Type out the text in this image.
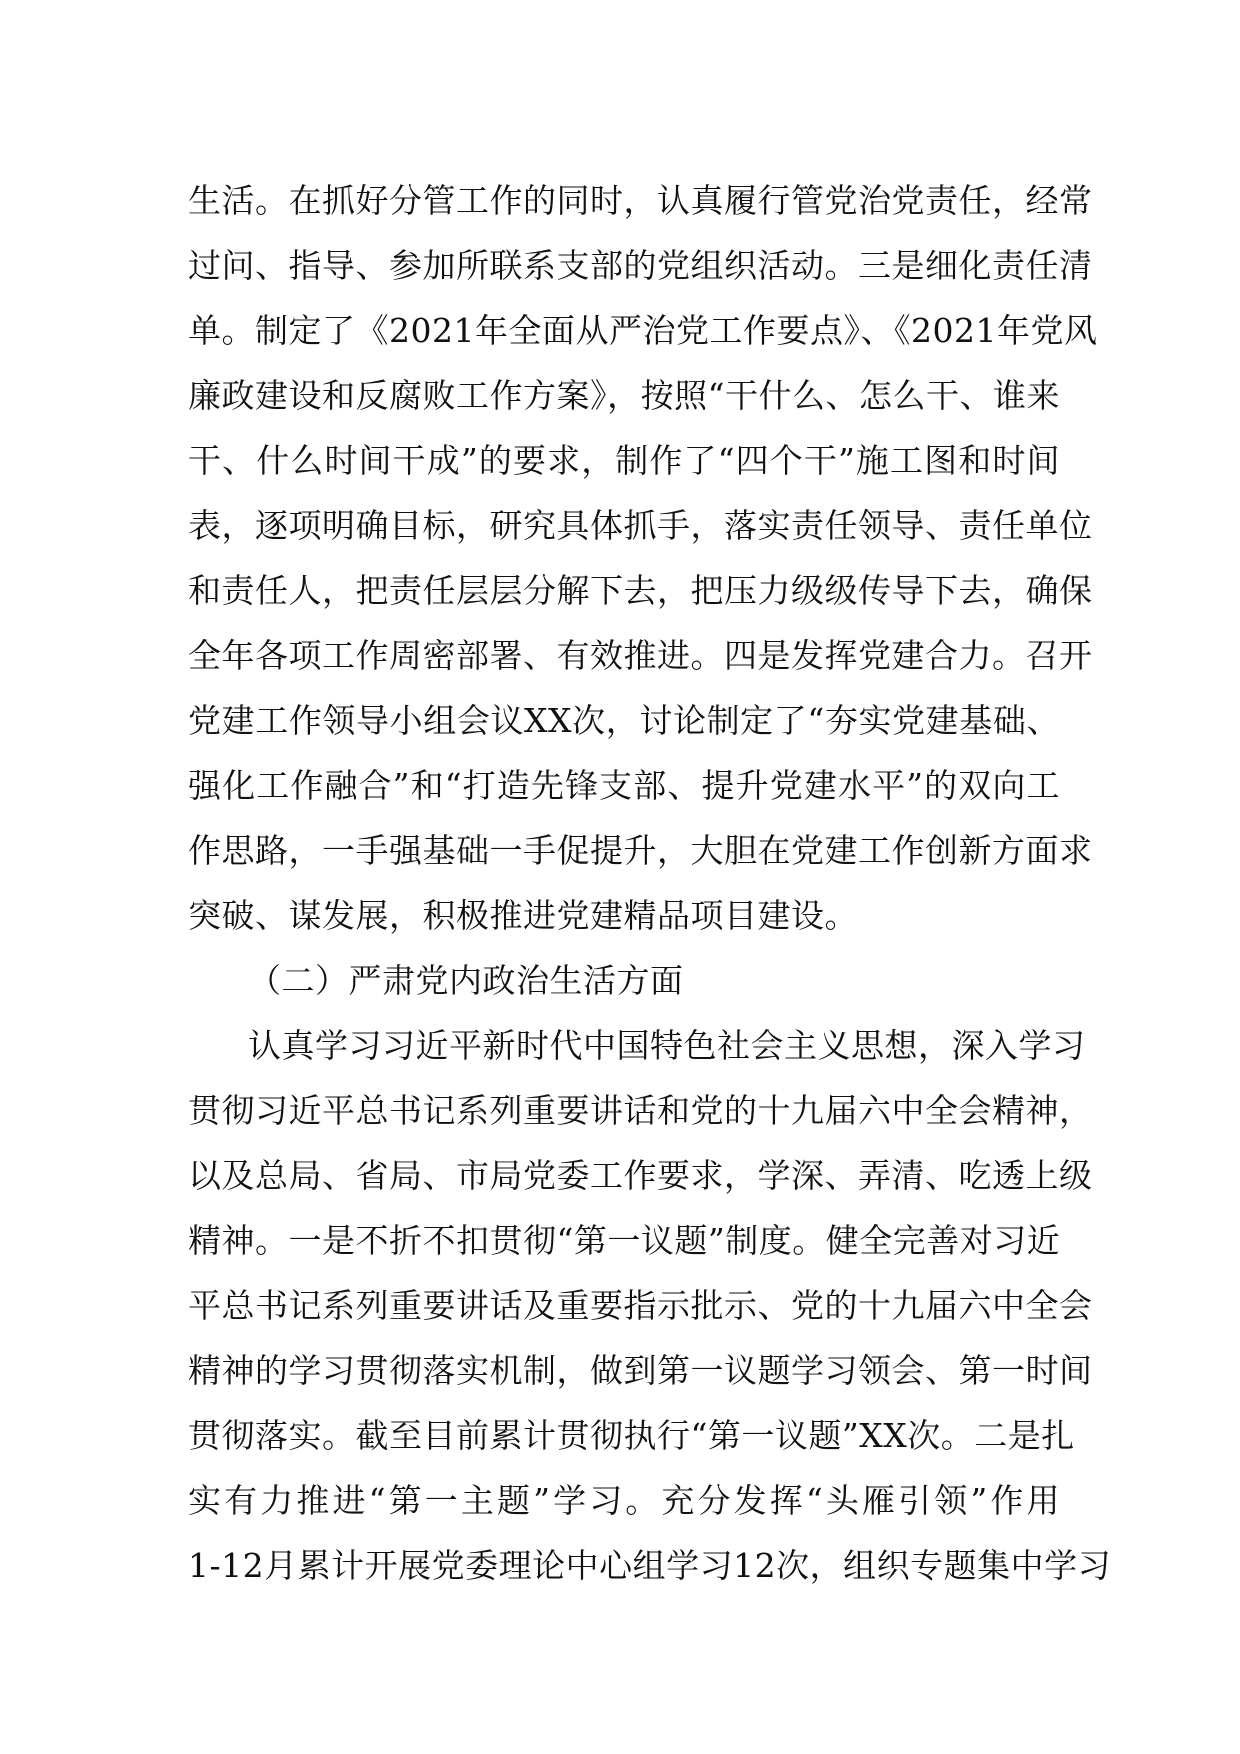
生活。在抓好分管工作的同时，认真履行管党治党责任，经常
过问、指导、参加所联系支部的党组织活动。三是细化责任清
单。制定了《2021年全面从严治党工作要点》、《2021年党风
廉政建设和反腐败工作方案》，按照“干什么、怎么干、谁来
干、什么时间干成”的要求，制作了“四个干”施工图和时间
表，逐项明确目标，研究具体抓手，落实责任领导、责任单位
和责任人，把责任层层分解下去，把压力级级传导下去，确保
全年各项工作周密部署、有效推进。四是发挥党建合力。召开
党建工作领导小组会议XX次，讨论制定了“夯实党建基础、
强化工作融合”和“打造先锋支部、提升党建水平”的双向工
作思路，一手强基础一手促提升，大胆在党建工作创新方面求
突破、谋发展，积极推进党建精品项目建设。

（二）严肃党内政治生活方面

认真学习习近平新时代中国特色社会主义思想，深入学习
贯彻习近平总书记系列重要讲话和党的十九届六中全会精神，
以及总局、省局、市局党委工作要求，学深、弄清、吃透上级
精神。一是不折不扣贯彻“第一议题”制度。健全完善对习近
平总书记系列重要讲话及重要指示批示、党的十九届六中全会
精神的学习贯彻落实机制，做到第一议题学习领会、第一时间
贯彻落实。截至目前累计贯彻执行“第一议题”XX次。二是扎
实有力推进“第一主题”学习。充分发挥“头雁引领”作用
1-12月累计开展党委理论中心组学习12次，组织专题集中学习
